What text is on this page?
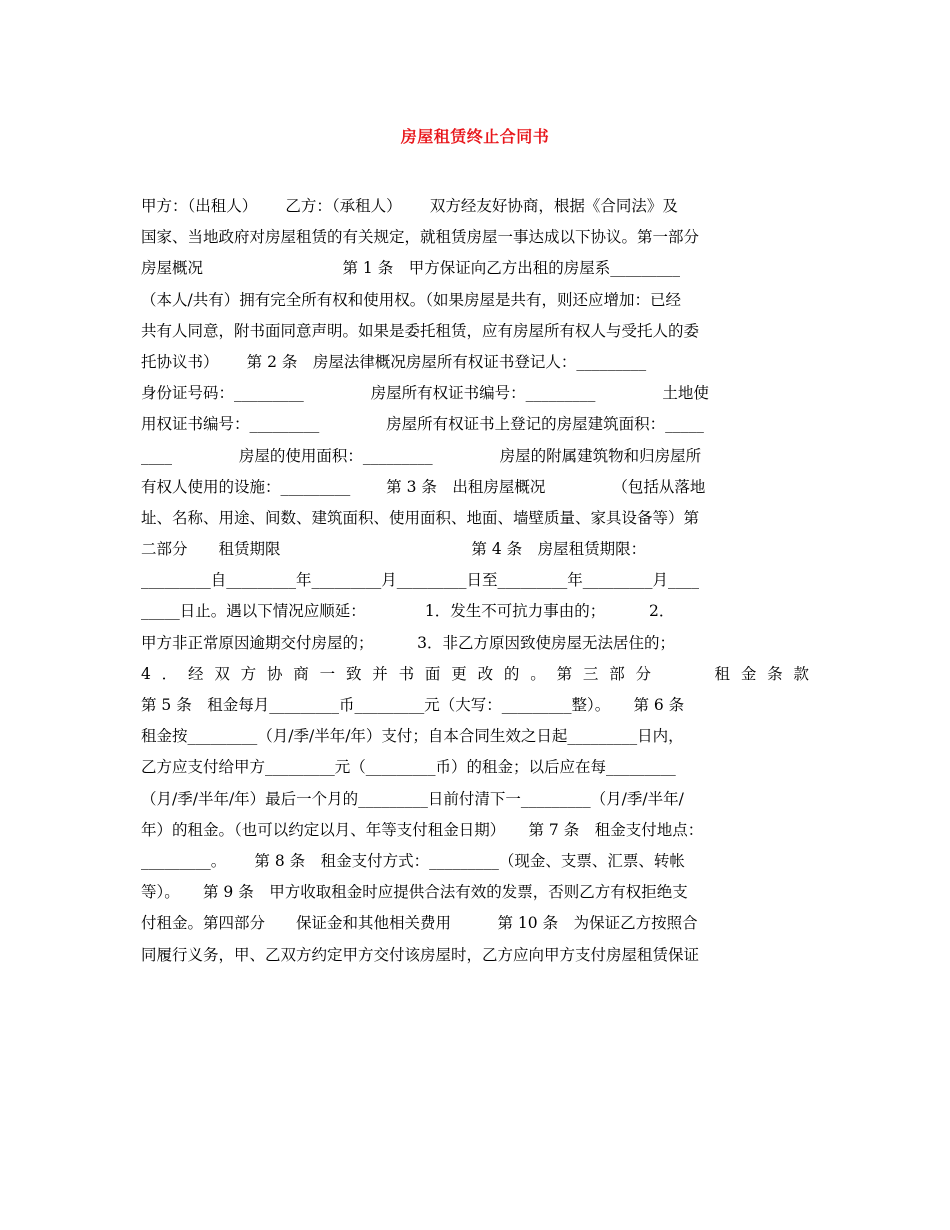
房屋租赁终止合同书
甲方：（出租人）　　 乙方：（承租人）　　 双方经友好协商，根据《合同法》及
国家、当地政府对房屋租赁的有关规定，就租赁房屋一事达成以下协议。第一部分
房屋概况　　　　　　　　　第 1 条　甲方保证向乙方出租的房屋系_________
（本人/共有）拥有完全所有权和使用权。（如果房屋是共有，则还应增加：已经
共有人同意，附书面同意声明。如果是委托租赁，应有房屋所有权人与受托人的委
托协议书）　　 第 2 条　房屋法律概况房屋所有权证书登记人：_________
身份证号码：_________　　　　 房屋所有权证书编号：_________　　　　 土地使
用权证书编号：_________　　　　 房屋所有权证书上登记的房屋建筑面积：_____
____　　　　 房屋的使用面积：_________　　　　 房屋的附属建筑物和归房屋所
有权人使用的设施：_________　　 第 3 条　出租房屋概况　　　　 （包括从落地
址、名称、用途、间数、建筑面积、使用面积、地面、墙壁质量、家具设备等）第
二部分　　租赁期限　　　　　　　　　　　　 第 4 条　房屋租赁期限：
_________自_________年_________月_________日至_________年_________月____
_____日止。遇以下情况应顺延：　　　　 1．发生不可抗力事由的；　　　 2．
甲方非正常原因逾期交付房屋的；　　　 3．非乙方原因致使房屋无法居住的；
4．经双方协商一致并书面更改的。第三部分　　租金条款
第 5 条　租金每月_________币_________元（大写：_________整）。　　第 6 条
租金按_________（月/季/半年/年）支付；自本合同生效之日起_________日内，
乙方应支付给甲方_________元（_________币）的租金；以后应在每_________
（月/季/半年/年）最后一个月的_________日前付清下一_________（月/季/半年/
年）的租金。（也可以约定以月、年等支付租金日期）　　第 7 条　租金支付地点：
_________。　　 第 8 条　租金支付方式：_________（现金、支票、汇票、转帐
等）。　　第 9 条　甲方收取租金时应提供合法有效的发票，否则乙方有权拒绝支
付租金。第四部分　　保证金和其他相关费用　　　第 10 条　为保证乙方按照合
同履行义务，甲、乙双方约定甲方交付该房屋时，乙方应向甲方支付房屋租赁保证
